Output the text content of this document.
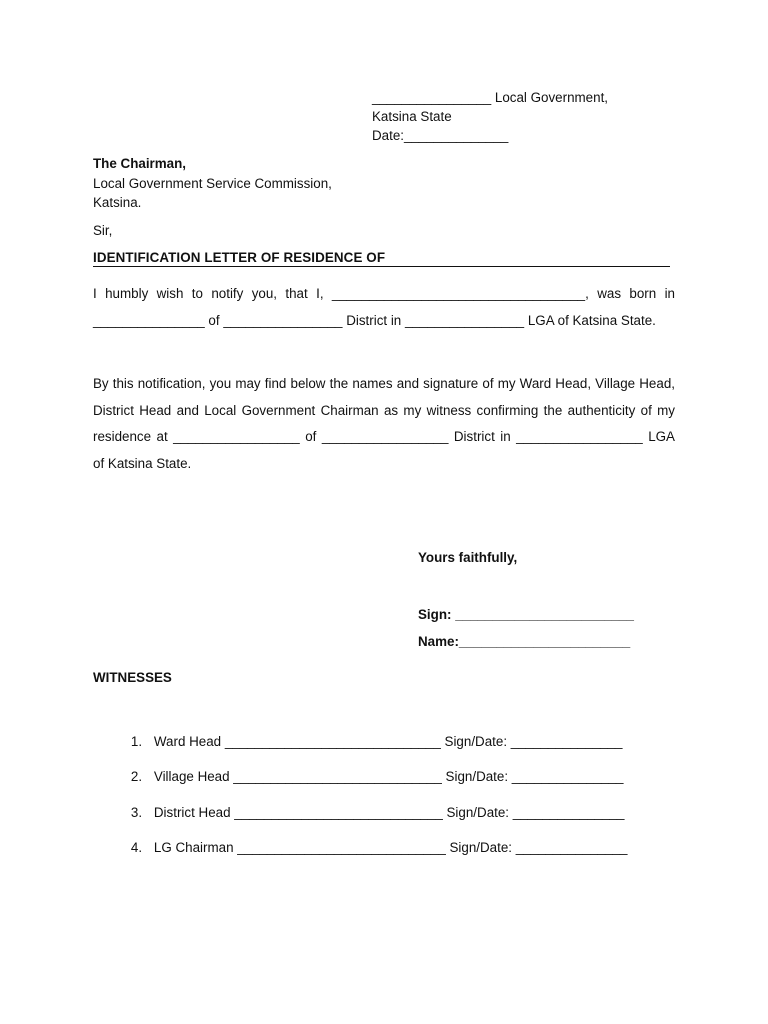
________________ Local Government,
Katsina State
Date:______________
The Chairman,
Local Government Service Commission,
Katsina.
Sir,
IDENTIFICATION LETTER OF RESIDENCE OF
I humbly wish to notify you, that I, __________________________________, was born in _______________ of ________________ District in ________________ LGA of Katsina State.
By this notification, you may find below the names and signature of my Ward Head, Village Head, District Head and Local Government Chairman as my witness confirming the authenticity of my residence at _________________ of _________________ District in _________________ LGA of Katsina State.
Yours faithfully,
Sign: ________________________
Name:_______________________
WITNESSES

1. Ward Head _____________________________ Sign/Date: _______________

2. Village Head ____________________________ Sign/Date: _______________

3. District Head ____________________________ Sign/Date: _______________

4. LG Chairman ____________________________ Sign/Date: _______________
